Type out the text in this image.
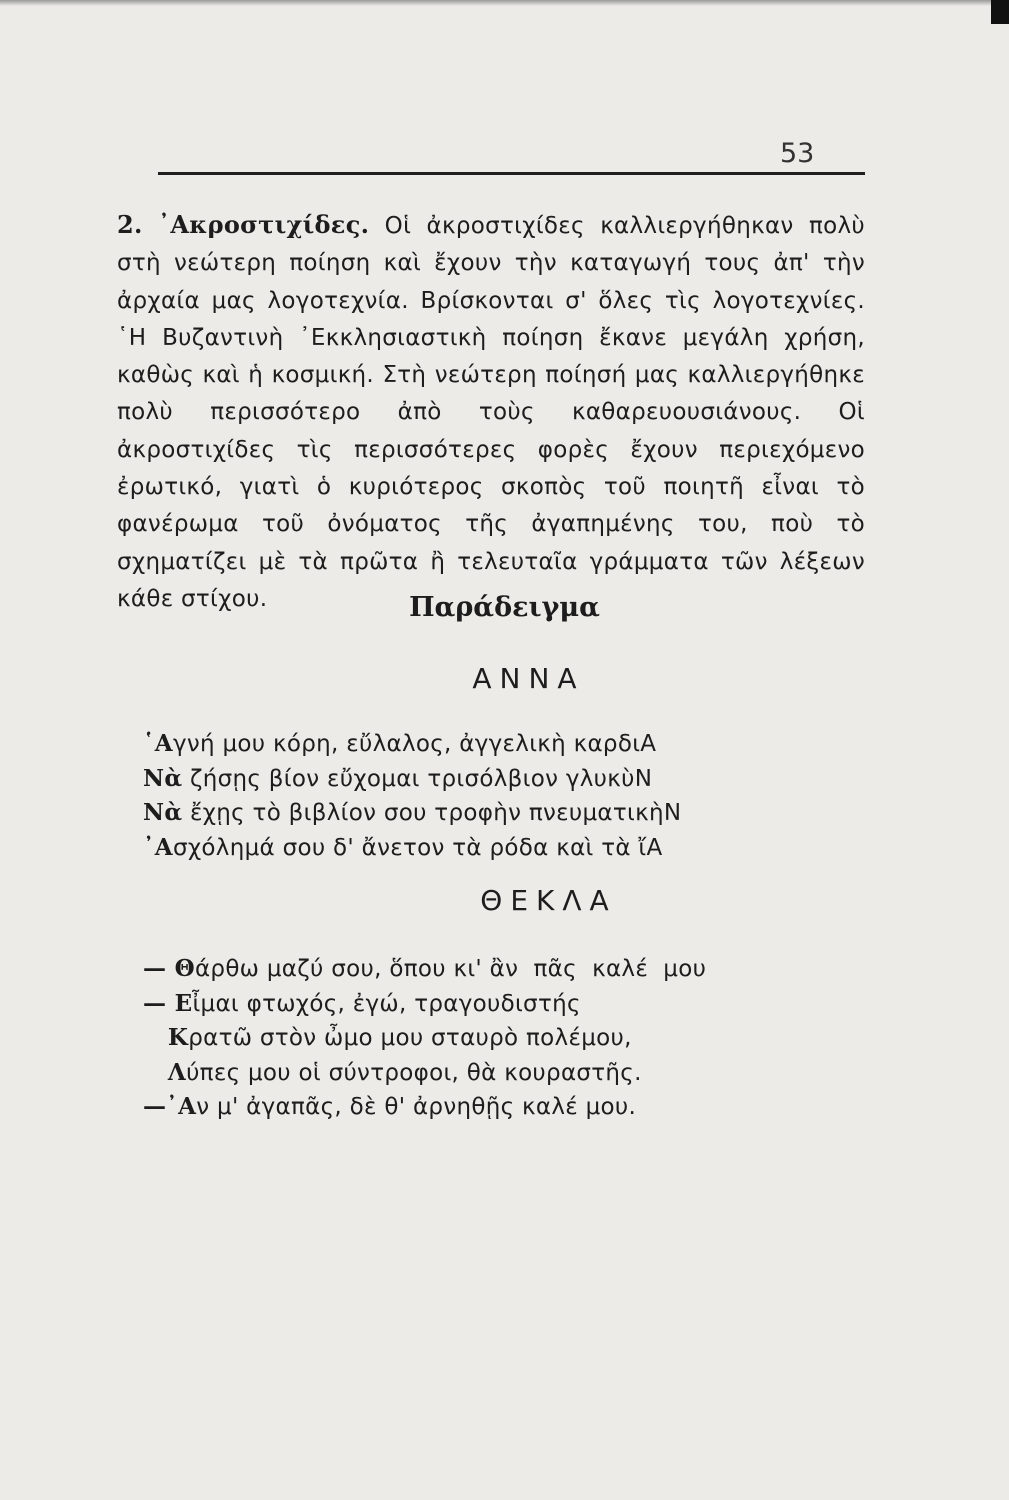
53
2. ᾿Ακροστιχίδες. Οἱ ἀκροστιχίδες καλλιεργήθηκαν πολὺ στὴ νεώτερη ποίηση καὶ ἔχουν τὴν καταγωγή τους ἀπ' τὴν ἀρχαία μας λογοτεχνία. Βρίσκονται σ' ὅλες τὶς λογοτεχνίες. ῾Η Βυζαντινὴ ᾿Εκκλησιαστικὴ ποίηση ἔκανε μεγάλη χρήση, καθὼς καὶ ἡ κοσμική. Στὴ νεώτερη ποίησή μας καλλιεργήθηκε πολὺ περισσότερο ἀπὸ τοὺς καθαρευουσιάνους. Οἱ ἀκροστιχίδες τὶς περισσότερες φορὲς ἔχουν περιεχόμενο ἐρωτικό, γιατὶ ὁ κυριότερος σκοπὸς τοῦ ποιητῆ εἶναι τὸ φανέρωμα τοῦ ὀνόματος τῆς ἀγαπημένης του, ποὺ τὸ σχηματίζει μὲ τὰ πρῶτα ἢ τελευταῖα γράμματα τῶν λέξεων κάθε στίχου.	Παράδειγμα
ΑΝΝΑ
῾Αγνή μου κόρη, εὔλαλος, ἀγγελικὴ καρδιΑ
Νὰ ζήσῃς βίον εὔχομαι τρισόλβιον γλυκὺΝ
Νὰ ἔχῃς τὸ βιβλίον σου τροφὴν πνευματικὴΝ
᾿Ασχόλημά σου δ' ἄνετον τὰ ρόδα καὶ τὰ ἴΑ
ΘΕΚΛΑ
— Θάρθω μαζύ σου, ὅπου κι' ἂν  πᾶς  καλέ  μου
— Εἶμαι φτωχός, ἐγώ, τραγουδιστής
Κρατῶ στὸν ὦμο μου σταυρὸ πολέμου,
Λύπες μου οἱ σύντροφοι, θὰ κουραστῆς.
—᾿Αν μ' ἀγαπᾶς, δὲ θ' ἀρνηθῇς καλέ μου.
